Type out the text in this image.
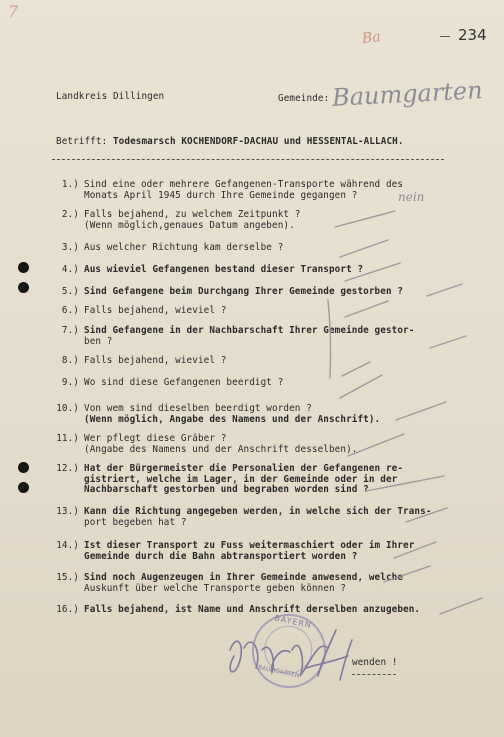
7
Ba	234
Landkreis Dillingen	Gemeinde: Baumgarten
Betrifft: Todesmarsch KOCHENDORF-DACHAU und HESSENTAL-ALLACH.
1.) Sind eine oder mehrere Gefangenen-Transporte während des
Monats April 1945 durch Ihre Gemeinde gegangen ?
2.) Falls bejahend, zu welchem Zeitpunkt ?
(Wenn möglich,genaues Datum angeben).
3.) Aus welcher Richtung kam derselbe ?
4.) Aus wieviel Gefangenen bestand dieser Transport ?
5.) Sind Gefangene beim Durchgang Ihrer Gemeinde gestorben ?
6.) Falls bejahend, wieviel ?
7.) Sind Gefangene in der Nachbarschaft Ihrer Gemeinde gestor-
ben ?
8.) Falls bejahend, wieviel ?
9.) Wo sind diese Gefangenen beerdigt ?
10.) Von wem sind dieselben beerdigt worden ?
(Wenn möglich, Angabe des Namens und der Anschrift).
11.) Wer pflegt diese Gräber ?
(Angabe des Namens und der Anschrift desselben).
12.) Hat der Bürgermeister die Personalien der Gefangenen re-
gistriert, welche im Lager, in der Gemeinde oder in der
Nachbarschaft gestorben und begraben worden sind ?
13.) Kann die Richtung angegeben werden, in welche sich der Trans-
port begeben hat ?
14.) Ist dieser Transport zu Fuss weitermaschiert oder im Ihrer
Gemeinde durch die Bahn abtransportiert worden ?
15.) Sind noch Augenzeugen in Ihrer Gemeinde anwesend, welche
Auskunft über welche Transporte geben können ?
16.) Falls bejahend, ist Name und Anschrift derselben anzugeben.
nein
BAYERN
BAUMGARTEN
wenden !
